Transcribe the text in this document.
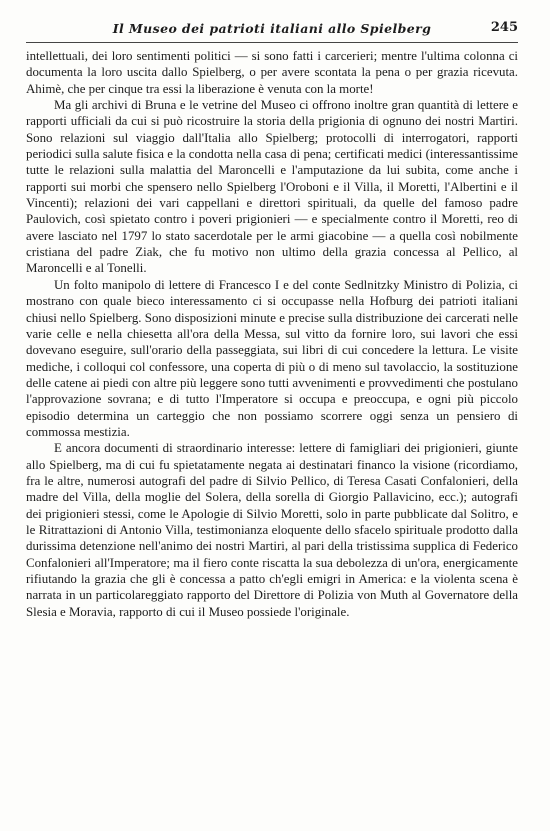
Il Museo dei patrioti italiani allo Spielberg	245

intellettuali, dei loro sentimenti politici — si sono fatti i carcerieri; mentre l'ultima colonna ci documenta la loro uscita dallo Spielberg, o per avere scontata la pena o per grazia ricevuta. Ahimè, che per cinque tra essi la liberazione è venuta con la morte!

Ma gli archivi di Bruna e le vetrine del Museo ci offrono inoltre gran quantità di lettere e rapporti ufficiali da cui si può ricostruire la storia della prigionia di ognuno dei nostri Martiri. Sono relazioni sul viaggio dall'Italia allo Spielberg; protocolli di interrogatori, rapporti periodici sulla salute fisica e la condotta nella casa di pena; certificati medici (interessantissime tutte le relazioni sulla malattia del Maroncelli e l'amputazione da lui subita, come anche i rapporti sui morbi che spensero nello Spielberg l'Oroboni e il Villa, il Moretti, l'Albertini e il Vincenti); relazioni dei vari cappellani e direttori spirituali, da quelle del famoso padre Paulovich, così spietato contro i poveri prigionieri — e specialmente contro il Moretti, reo di avere lasciato nel 1797 lo stato sacerdotale per le armi giacobine — a quella così nobilmente cristiana del padre Ziak, che fu motivo non ultimo della grazia concessa al Pellico, al Maroncelli e al Tonelli.

Un folto manipolo di lettere di Francesco I e del conte Sedlnitzky Ministro di Polizia, ci mostrano con quale bieco interessamento ci si occupasse nella Hofburg dei patrioti italiani chiusi nello Spielberg. Sono disposizioni minute e precise sulla distribuzione dei carcerati nelle varie celle e nella chiesetta all'ora della Messa, sul vitto da fornire loro, sui lavori che essi dovevano eseguire, sull'orario della passeggiata, sui libri di cui concedere la lettura. Le visite mediche, i colloqui col confessore, una coperta di più o di meno sul tavolaccio, la sostituzione delle catene ai piedi con altre più leggere sono tutti avvenimenti e provvedimenti che postulano l'approvazione sovrana; e di tutto l'Imperatore si occupa e preoccupa, e ogni più piccolo episodio determina un carteggio che non possiamo scorrere oggi senza un pensiero di commossa mestizia.

E ancora documenti di straordinario interesse: lettere di famigliari dei prigionieri, giunte allo Spielberg, ma di cui fu spietatamente negata ai destinatari financo la visione (ricordiamo, fra le altre, numerosi autografi del padre di Silvio Pellico, di Teresa Casati Confalonieri, della madre del Villa, della moglie del Solera, della sorella di Giorgio Pallavicino, ecc.); autografi dei prigionieri stessi, come le Apologie di Silvio Moretti, solo in parte pubblicate dal Solitro, e le Ritrattazioni di Antonio Villa, testimonianza eloquente dello sfacelo spirituale prodotto dalla durissima detenzione nell'animo dei nostri Martiri, al pari della tristissima supplica di Federico Confalonieri all'Imperatore; ma il fiero conte riscatta la sua debolezza di un'ora, energicamente rifiutando la grazia che gli è concessa a patto ch'egli emigri in America: e la violenta scena è narrata in un particolareggiato rapporto del Direttore di Polizia von Muth al Governatore della Slesia e Moravia, rapporto di cui il Museo possiede l'originale.
